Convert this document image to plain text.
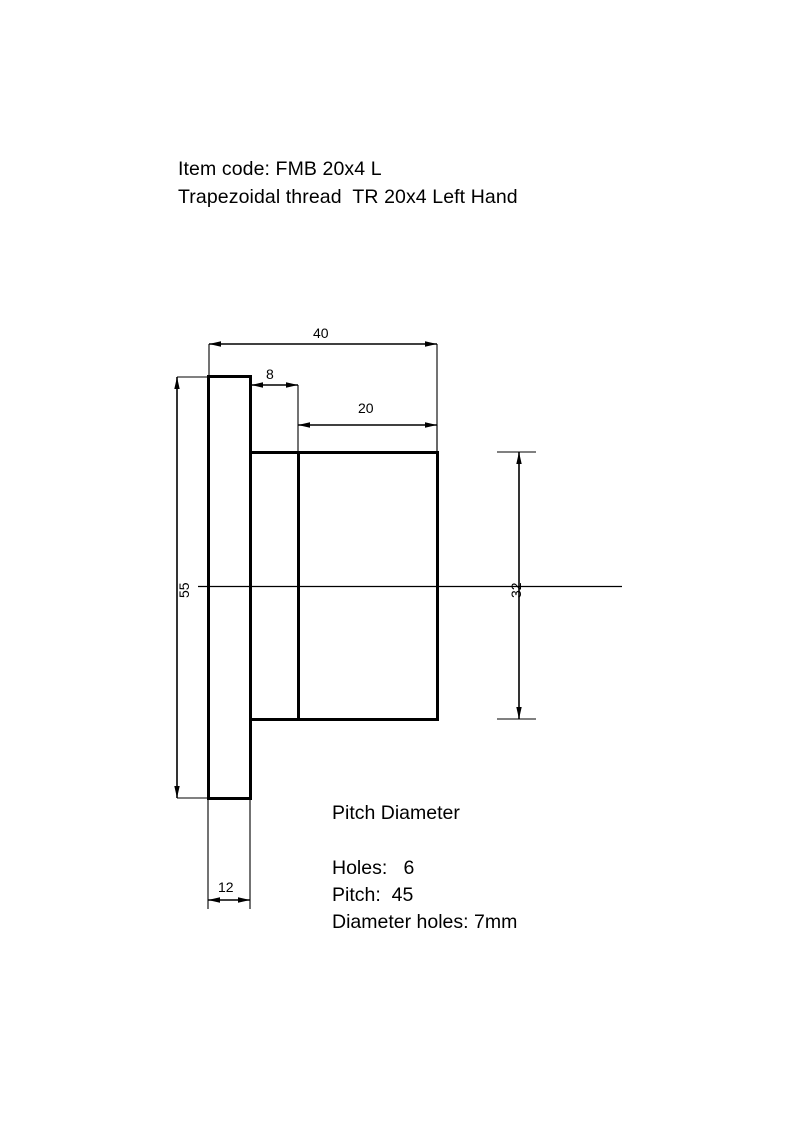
Item code: FMB 20x4 L
Trapezoidal thread  TR 20x4 Left Hand
Pitch Diameter
Holes:   6
Pitch:  45
Diameter holes: 7mm
40
8
20
55	32
12
